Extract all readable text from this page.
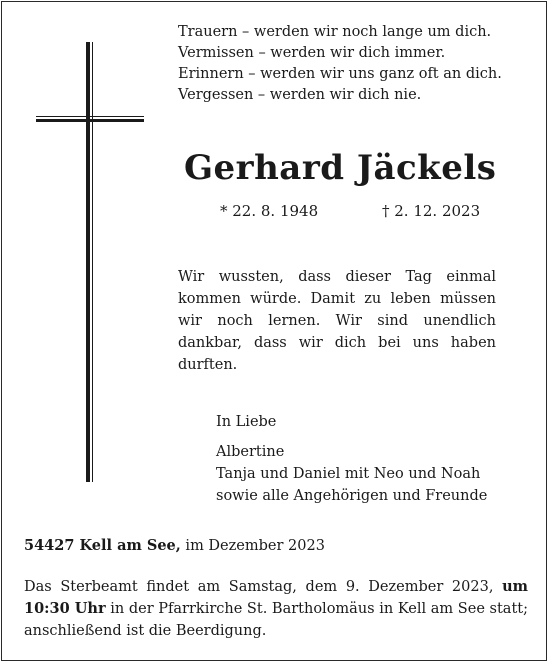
Trauern – werden wir noch lange um dich.
Vermissen – werden wir dich immer.
Erinnern – werden wir uns ganz oft an dich.
Vergessen – werden wir dich nie.
Gerhard Jäckels
* 22. 8. 1948	† 2. 12. 2023
Wir wussten, dass dieser Tag einmal kommen würde. Damit zu leben müssen wir noch lernen. Wir sind unendlich dankbar, dass wir dich bei uns haben durften.
In Liebe
Albertine
Tanja und Daniel mit Neo und Noah
sowie alle Angehörigen und Freunde
54427 Kell am See, im Dezember 2023
Das Sterbeamt findet am Samstag, dem 9. Dezember 2023, um 10:30 Uhr in der Pfarrkirche St. Bartholomäus in Kell am See statt; anschließend ist die Beerdigung.
